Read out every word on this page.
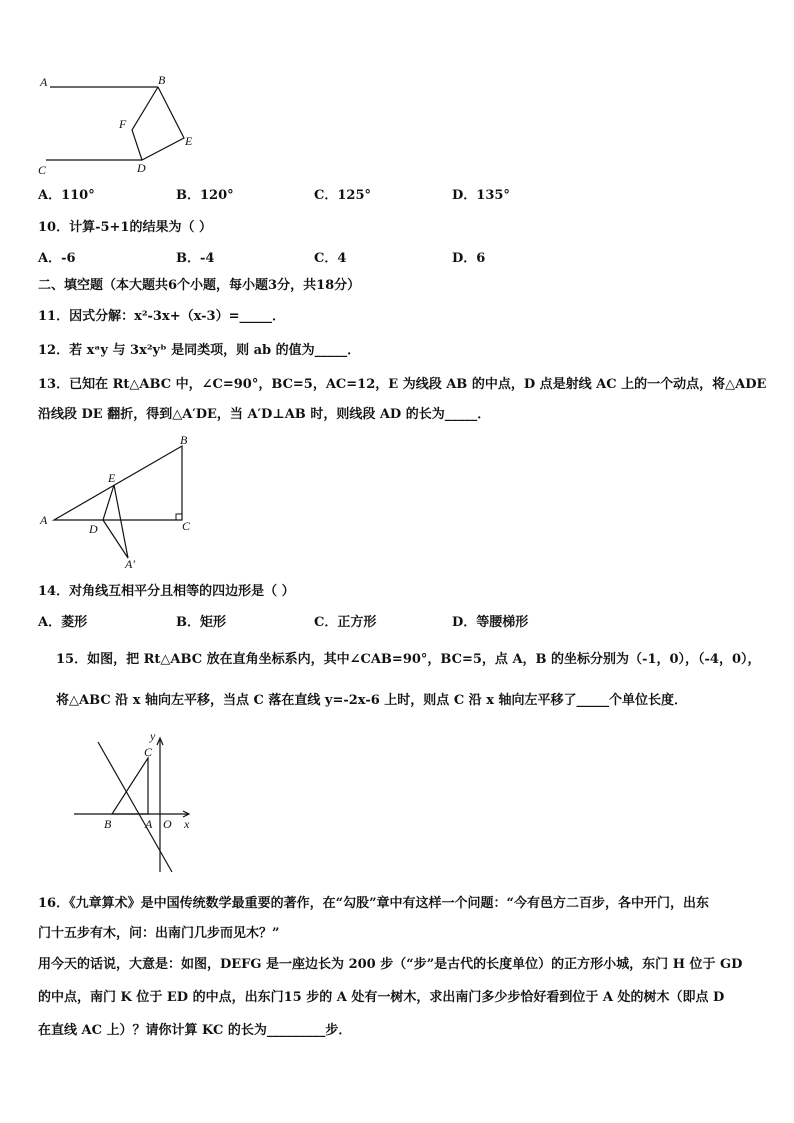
A	B
F
E
C	D
A．110°	B．120°	C．125°	D．135°
10．计算-5+1的结果为（ ）
A．-6	B．-4	C．4	D．6
二、填空题（本大题共6个小题，每小题3分，共18分）
11．因式分解：x²-3x+（x-3）=_____．
12．若 xᵃy 与 3x²yᵇ 是同类项，则 ab 的值为_____．
13．已知在 Rt△ABC 中，∠C=90°，BC=5，AC=12，E 为线段 AB 的中点，D 点是射线 AC 上的一个动点，将△ADE
沿线段 DE 翻折，得到△A′DE，当 A′D⊥AB 时，则线段 AD 的长为_____．
A
B
C
E
D
A′
14．对角线互相平分且相等的四边形是（ ）
A．菱形	B．矩形	C．正方形	D．等腰梯形
15．如图，把 Rt△ABC 放在直角坐标系内，其中∠CAB=90°，BC=5，点 A，B 的坐标分别为（-1，0），（-4，0），
将△ABC 沿 x 轴向左平移，当点 C 落在直线 y=-2x-6 上时，则点 C 沿 x 轴向左平移了_____个单位长度．
y
x
C
B	A O
16．《九章算术》是中国传统数学最重要的著作，在“勾股”章中有这样一个问题：“今有邑方二百步，各中开门，出东
门十五步有木，问：出南门几步而见木？”
用今天的话说，大意是：如图，DEFG 是一座边长为 200 步（“步”是古代的长度单位）的正方形小城，东门 H 位于 GD
的中点，南门 K 位于 ED 的中点，出东门15 步的 A 处有一树木，求出南门多少步恰好看到位于 A 处的树木（即点 D
在直线 AC 上）？请你计算 KC 的长为_________步．
